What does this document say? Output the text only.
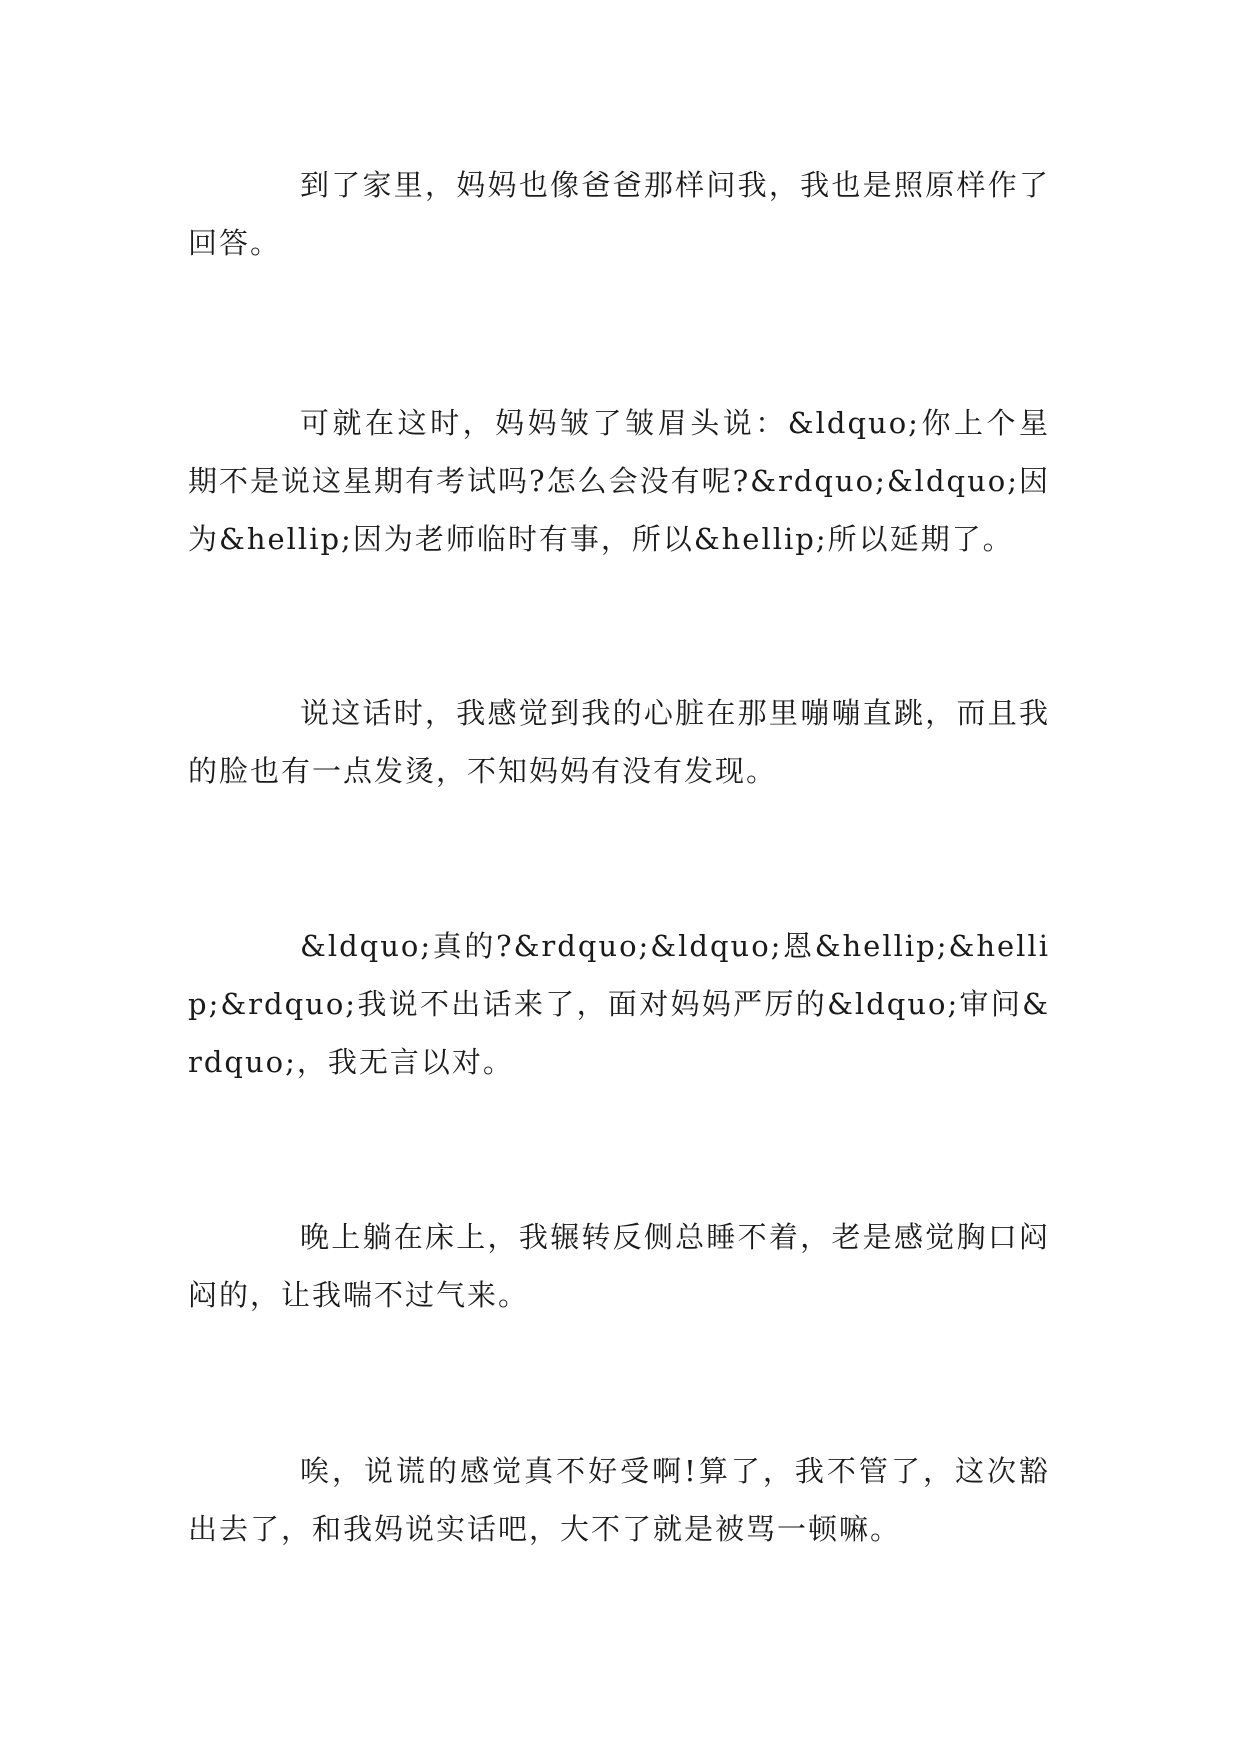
到了家里，妈妈也像爸爸那样问我，我也是照原样作了回答。

可就在这时，妈妈皱了皱眉头说：&ldquo;你上个星期不是说这星期有考试吗?怎么会没有呢?&rdquo;&ldquo;因为&hellip;因为老师临时有事，所以&hellip;所以延期了。

说这话时，我感觉到我的心脏在那里嘣嘣直跳，而且我的脸也有一点发烫，不知妈妈有没有发现。

&ldquo;真的?&rdquo;&ldquo;恩&hellip;&hellip;&rdquo;我说不出话来了，面对妈妈严厉的&ldquo;审问&rdquo;，我无言以对。

晚上躺在床上，我辗转反侧总睡不着，老是感觉胸口闷闷的，让我喘不过气来。

唉，说谎的感觉真不好受啊!算了，我不管了，这次豁出去了，和我妈说实话吧，大不了就是被骂一顿嘛。
